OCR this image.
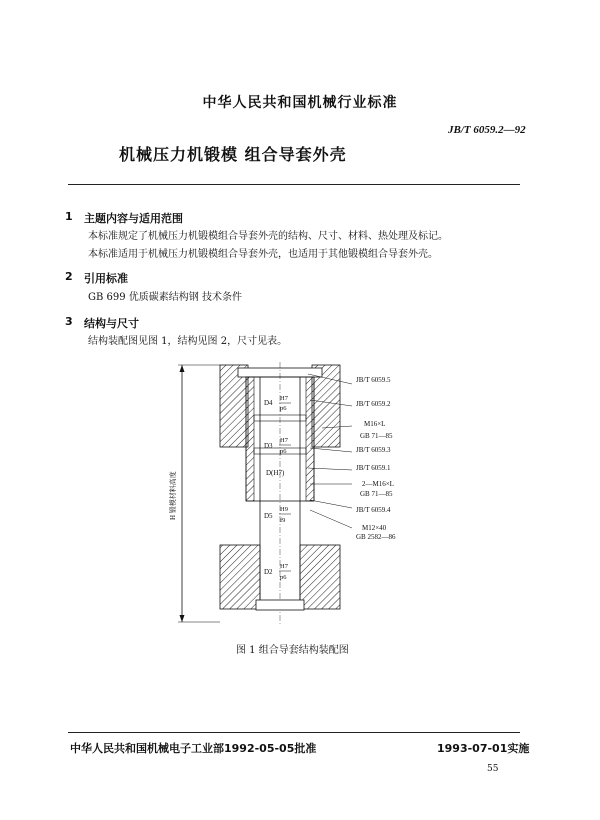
中华人民共和国机械行业标准
JB/T 6059.2—92
机械压力机锻模 组合导套外壳
1	主题内容与适用范围
本标准规定了机械压力机锻模组合导套外壳的结构、尺寸、材料、热处理及标记。
本标准适用于机械压力机锻模组合导套外壳，也适用于其他锻模组合导套外壳。
2	引用标准
GB 699 优质碳素结构钢 技术条件
3	结构与尺寸
结构装配图见图 1，结构见图 2，尺寸见表。
H 锻模材料高度
D4
H7
p6
D3
H7
p6
D(H7)
D5
H9
f9
D2
H7
p6
JB/T 6059.5
JB/T 6059.2
M16×L
GB 71—85
JB/T 6059.3
JB/T 6059.1
2—M16×L
GB 71—85
JB/T 6059.4
M12×40
GB 2582—86
图 1 组合导套结构装配图
中华人民共和国机械电子工业部1992-05-05批准	1993-07-01实施
55
